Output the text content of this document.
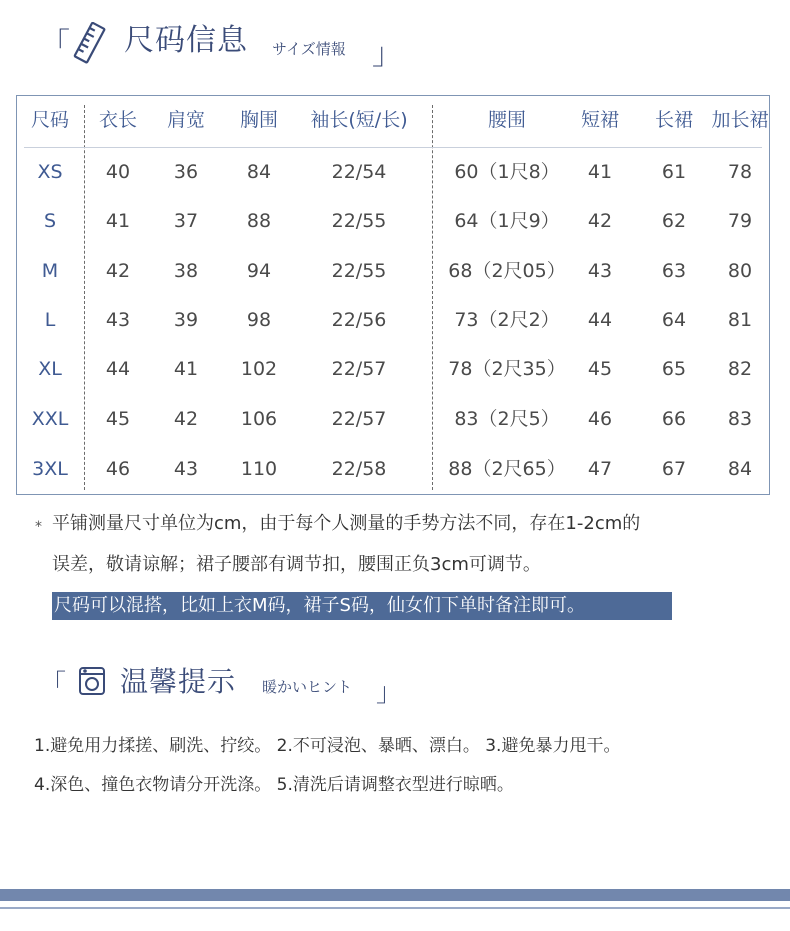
「 尺码信息 サイズ情報 」
尺码 衣长 肩宽 胸围 袖长(短/长)	腰围	短裙 长裙 加长裙
XS 40 36	84	22/54	60（1尺8） 41	61 78
S	41 37	88	22/55	64（1尺9） 42	62 79
M	42 38	94	22/55	68（2尺05） 43	63 80
L	43 39	98	22/56	73（2尺2） 44	64 81
XL 44 41 102	22/57	78（2尺35） 45	65 82
XXL 45 42 106	22/57	83（2尺5） 46	66 83
3XL 46 43 110	22/58	88（2尺65） 47	67 84
* 平铺测量尺寸单位为cm，由于每个人测量的手势方法不同，存在1-2cm的
误差，敬请谅解；裙子腰部有调节扣，腰围正负3cm可调节。
尺码可以混搭，比如上衣M码，裙子S码，仙女们下单时备注即可。
「 温馨提示 暖かいヒント 」
1.避免用力揉搓、刷洗、拧绞。 2.不可浸泡、暴晒、漂白。 3.避免暴力甩干。
4.深色、撞色衣物请分开洗涤。 5.清洗后请调整衣型进行晾晒。
